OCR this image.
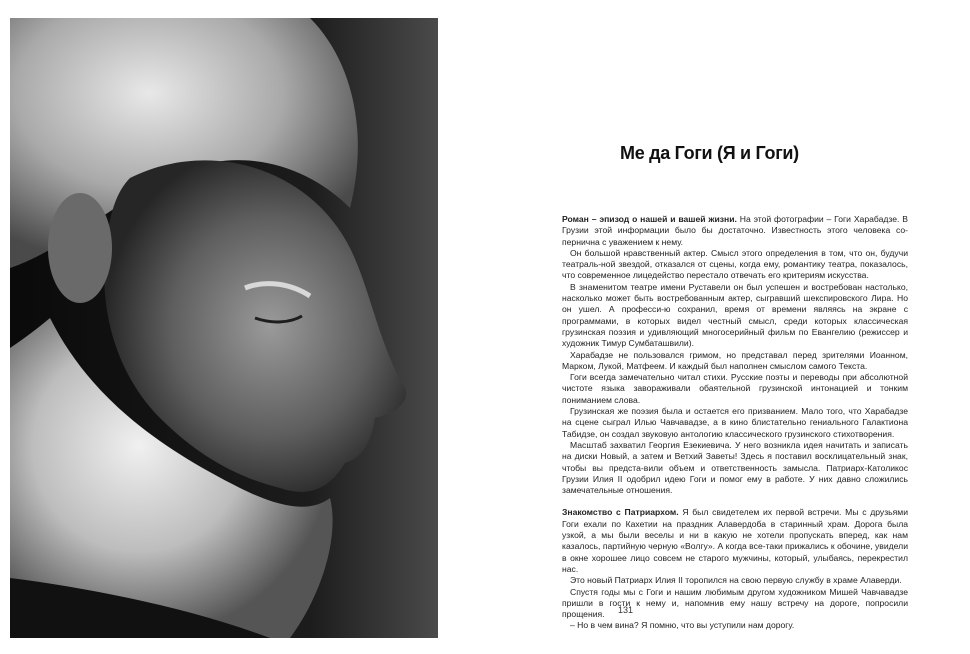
Ме да Гоги (Я и Гоги)

Роман – эпизод о нашей и вашей жизни. На этой фотографии – Гоги Харабадзе. В Грузии этой информации было бы достаточно. Известность этого человека со-пернична с уважением к нему.

Он большой нравственный актер. Смысл этого определения в том, что он, будучи театраль-ной звездой, отказался от сцены, когда ему, романтику театра, показалось, что современное лицедейство перестало отвечать его критериям искусства.

В знаменитом театре имени Руставели он был успешен и востребован настолько, насколько может быть востребованным актер, сыгравший шекспировского Лира. Но он ушел. А професси-ю сохранил, время от времени являясь на экране с программами, в которых видел честный смысл, среди которых классическая грузинская поэзия и удивляющий многосерийный фильм по Евангелию (режиссер и художник Тимур Сумбаташвили).

Харабадзе не пользовался гримом, но представал перед зрителями Иоанном, Марком, Лукой, Матфеем. И каждый был наполнен смыслом самого Текста.

Гоги всегда замечательно читал стихи. Русские поэты и переводы при абсолютной чистоте языка завораживали обаятельной грузинской интонацией и тонким пониманием слова.

Грузинская же поэзия была и остается его призванием. Мало того, что Харабадзе на сцене сыграл Илью Чавчавадзе, а в кино блистательно гениального Галактиона Табидзе, он создал звуковую антологию классического грузинского стихотворения.

Масштаб захватил Георгия Езекиевича. У него возникла идея начитать и записать на диски Новый, а затем и Ветхий Заветы! Здесь я поставил восклицательный знак, чтобы вы предста-вили объем и ответственность замысла. Патриарх-Католикос Грузии Илия II одобрил идею Гоги и помог ему в работе. У них давно сложились замечательные отношения.

Знакомство с Патриархом. Я был свидетелем их первой встречи. Мы с друзьями Гоги ехали по Кахетии на праздник Алавердоба в старинный храм. Дорога была узкой, а мы были веселы и ни в какую не хотели пропускать вперед, как нам казалось, партийную черную «Волгу». А когда все-таки прижались к обочине, увидели в окне хорошее лицо совсем не старого мужчины, который, улыбаясь, перекрестил нас.

Это новый Патриарх Илия II торопился на свою первую службу в храме Алаверди.

Спустя годы мы с Гоги и нашим любимым другом художником Мишей Чавчавадзе пришли в гости к нему и, напомнив ему нашу встречу на дороге, попросили прощения.

– Но в чем вина? Я помню, что вы уступили нам дорогу.

131
